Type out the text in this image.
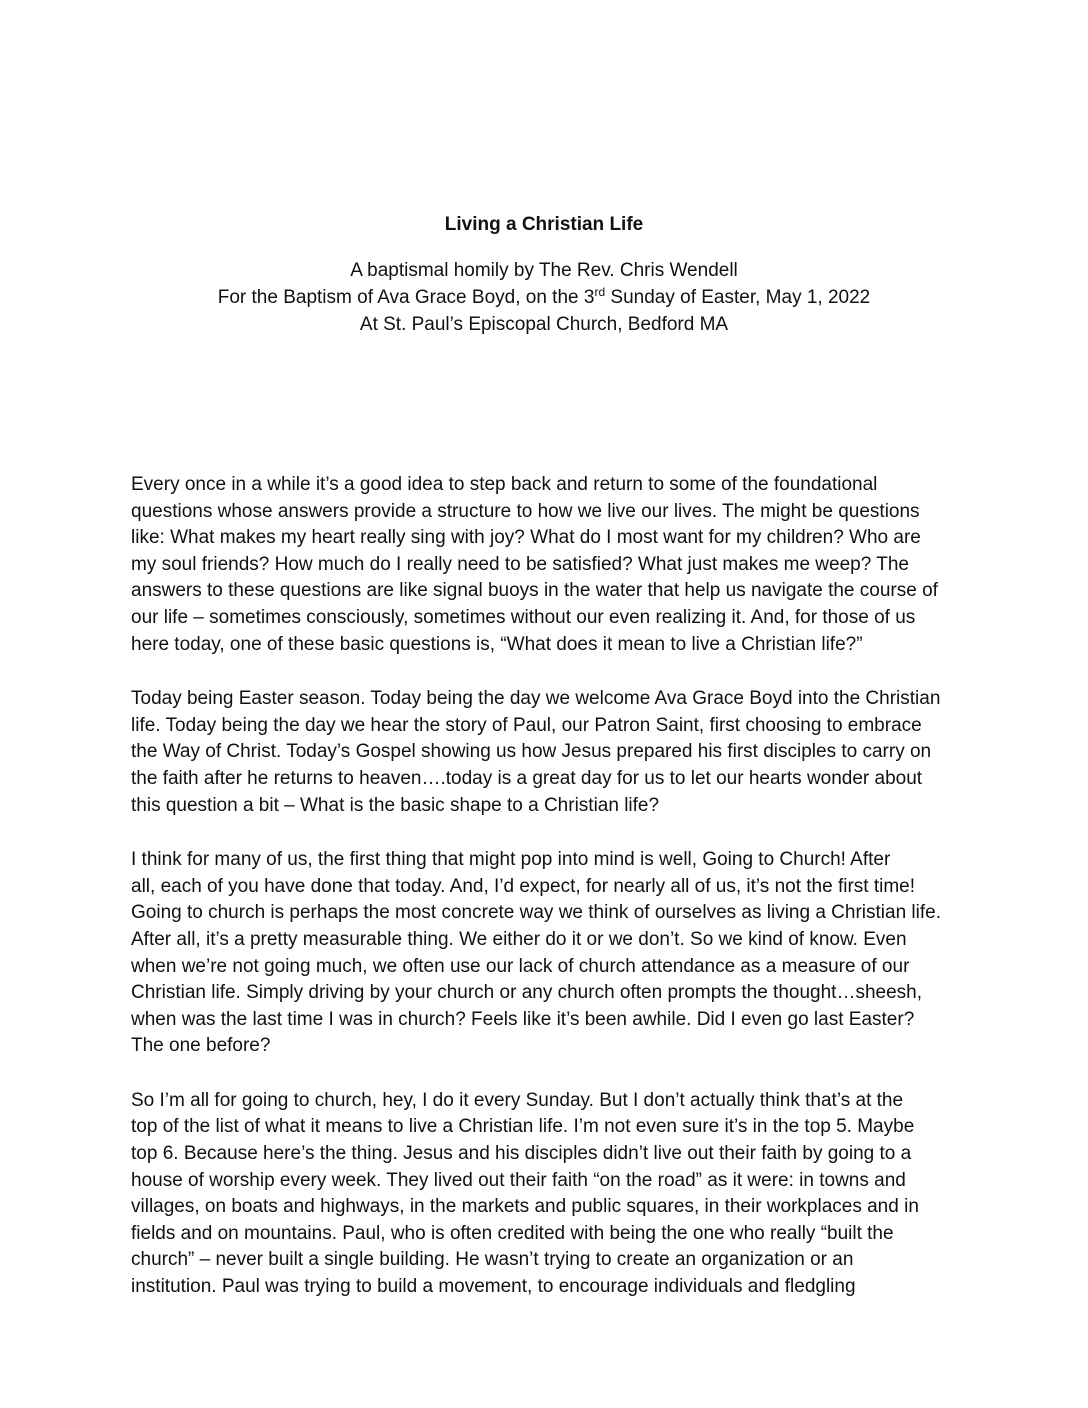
Living a Christian Life
A baptismal homily by The Rev. Chris Wendell
For the Baptism of Ava Grace Boyd, on the 3rd Sunday of Easter, May 1, 2022
At St. Paul’s Episcopal Church, Bedford MA

Every once in a while it’s a good idea to step back and return to some of the foundational
questions whose answers provide a structure to how we live our lives. The might be questions
like: What makes my heart really sing with joy? What do I most want for my children? Who are
my soul friends? How much do I really need to be satisfied? What just makes me weep? The
answers to these questions are like signal buoys in the water that help us navigate the course of
our life – sometimes consciously, sometimes without our even realizing it. And, for those of us
here today, one of these basic questions is, “What does it mean to live a Christian life?”

Today being Easter season. Today being the day we welcome Ava Grace Boyd into the Christian
life. Today being the day we hear the story of Paul, our Patron Saint, first choosing to embrace
the Way of Christ. Today’s Gospel showing us how Jesus prepared his first disciples to carry on
the faith after he returns to heaven….today is a great day for us to let our hearts wonder about
this question a bit – What is the basic shape to a Christian life?

I think for many of us, the first thing that might pop into mind is well, Going to Church! After
all, each of you have done that today. And, I’d expect, for nearly all of us, it’s not the first time!
Going to church is perhaps the most concrete way we think of ourselves as living a Christian life.
After all, it’s a pretty measurable thing. We either do it or we don’t. So we kind of know. Even
when we’re not going much, we often use our lack of church attendance as a measure of our
Christian life. Simply driving by your church or any church often prompts the thought…sheesh,
when was the last time I was in church? Feels like it’s been awhile. Did I even go last Easter?
The one before?

So I’m all for going to church, hey, I do it every Sunday. But I don’t actually think that’s at the
top of the list of what it means to live a Christian life. I’m not even sure it’s in the top 5. Maybe
top 6. Because here’s the thing. Jesus and his disciples didn’t live out their faith by going to a
house of worship every week. They lived out their faith “on the road” as it were: in towns and
villages, on boats and highways, in the markets and public squares, in their workplaces and in
fields and on mountains. Paul, who is often credited with being the one who really “built the
church” – never built a single building. He wasn’t trying to create an organization or an
institution. Paul was trying to build a movement, to encourage individuals and fledgling
